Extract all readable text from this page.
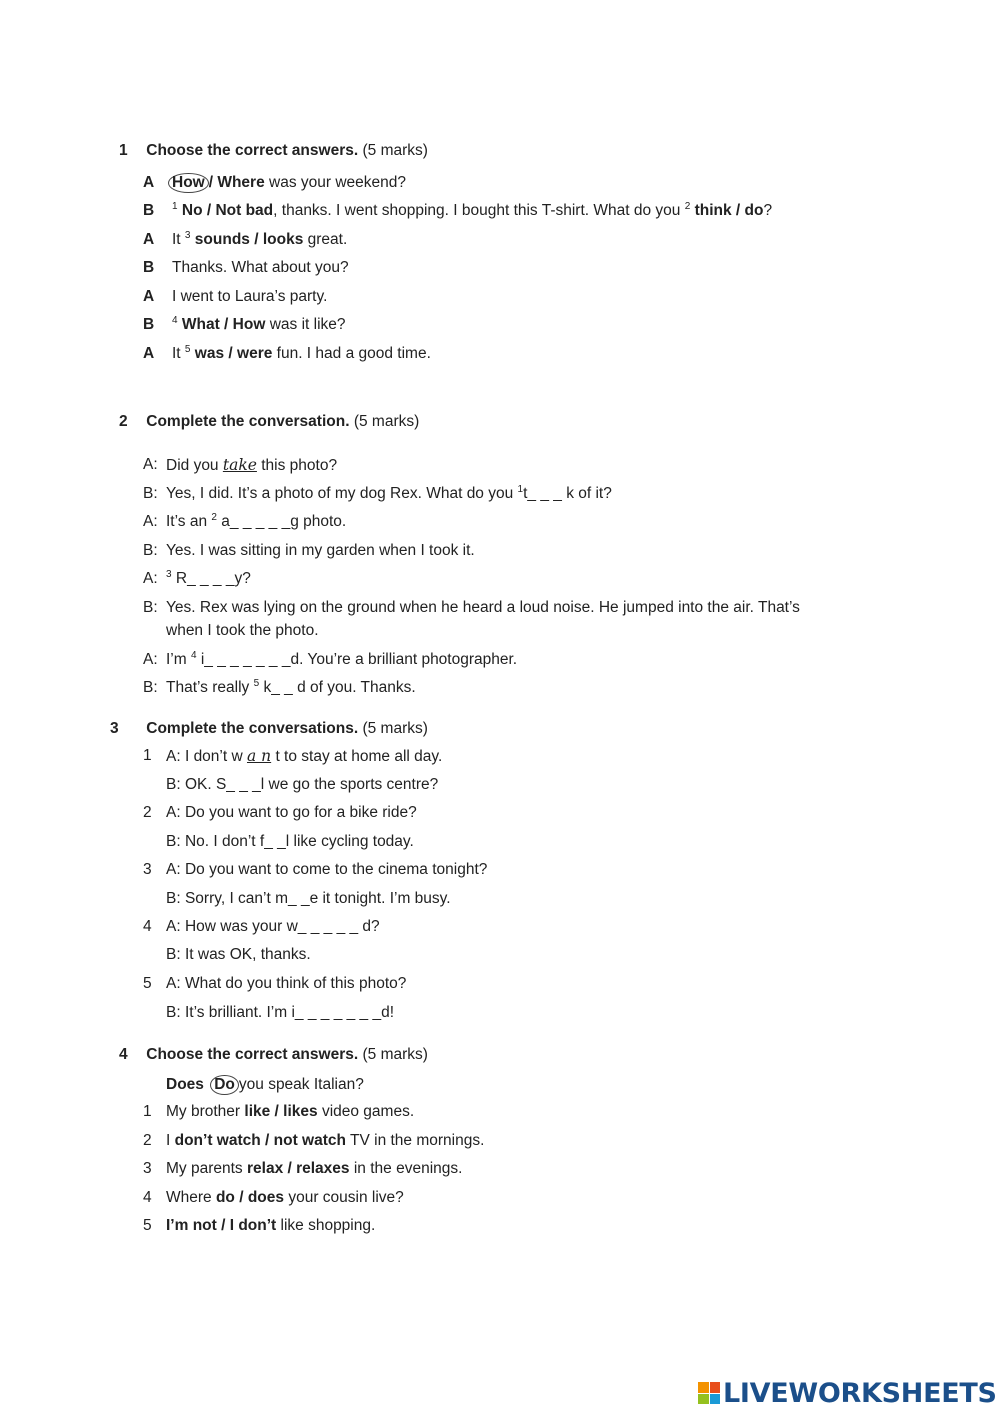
1 Choose the correct answers. (5 marks)
A How / Where was your weekend?
B $^1$ No / Not bad, thanks. I went shopping. I bought this T-shirt. What do you $^2$ think / do?
A It $^3$ sounds / looks great.
B Thanks. What about you?
A I went to Laura’s party.
B $^4$ What / How was it like?
A It $^5$ was / were fun. I had a good time.
2 Complete the conversation. (5 marks)
A: Did you take this photo?
B: Yes, I did. It’s a photo of my dog Rex. What do you $^1$t_ _ _ k of it?
A: It’s an $^2$ a_ _ _ _ _g photo.
B: Yes. I was sitting in my garden when I took it.
A: $^3$ R_ _ _ _y?
B: Yes. Rex was lying on the ground when he heard a loud noise. He jumped into the air. That’s
when I took the photo.
A: I’m $^4$ i_ _ _ _ _ _ _d. You’re a brilliant photographer.
B: That’s really $^5$ k_ _ d of you. Thanks.
3 Complete the conversations. (5 marks)
1 A: I don’t w a n t to stay at home all day.
B: OK. S_ _ _l we go the sports centre?
2 A: Do you want to go for a bike ride?
B: No. I don’t f_ _l like cycling today.
3 A: Do you want to come to the cinema tonight?
B: Sorry, I can’t m_ _e it tonight. I’m busy.
4 A: How was your w_ _ _ _ _ d?
B: It was OK, thanks.
5 A: What do you think of this photo?
B: It’s brilliant. I’m i_ _ _ _ _ _ _d!
4 Choose the correct answers. (5 marks)
Does Do you speak Italian?
1 My brother like / likes video games.
2 I don’t watch / not watch TV in the mornings.
3 My parents relax / relaxes in the evenings.
4 Where do / does your cousin live?
5 I’m not / I don’t like shopping.
LIVEWORKSHEETS
